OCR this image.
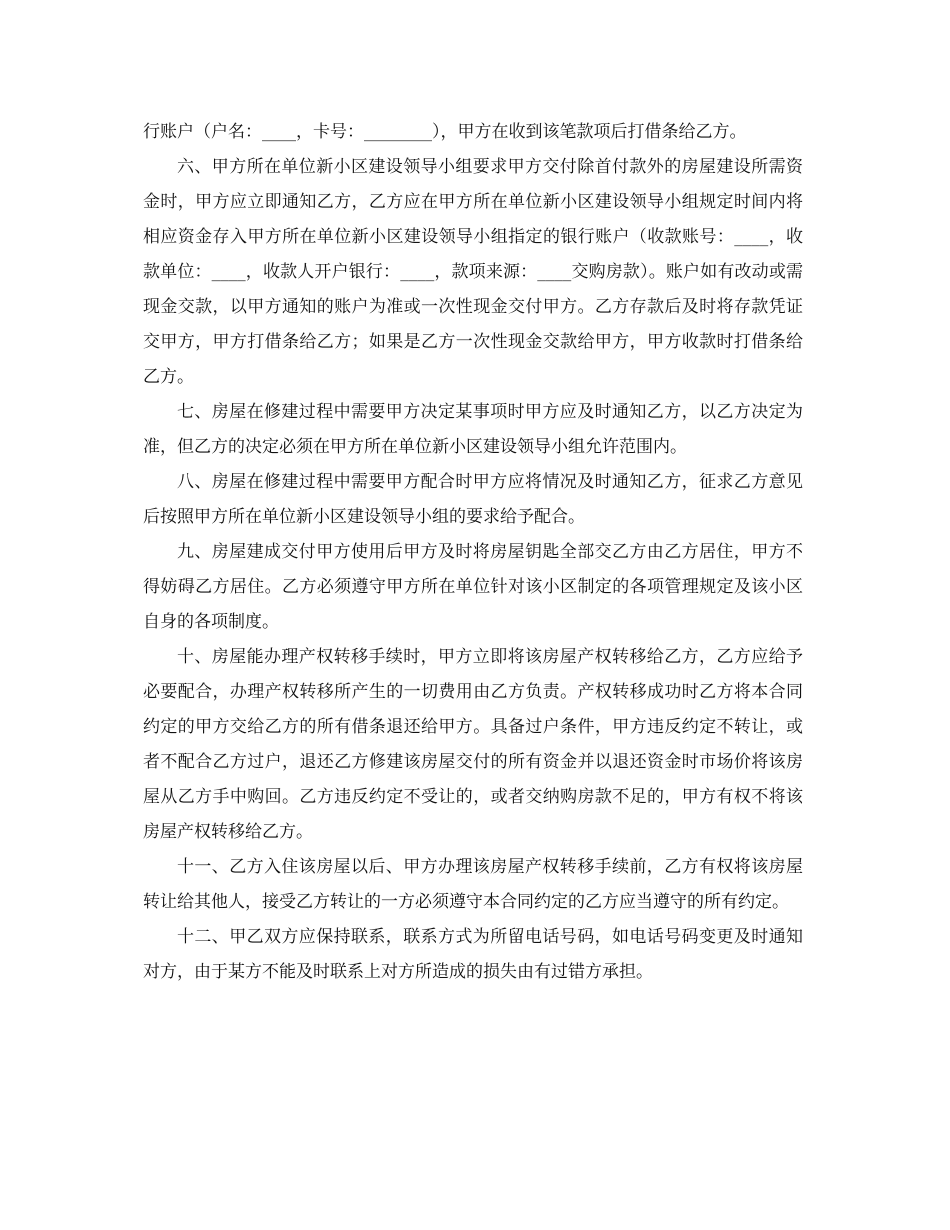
行账户（户名：____，卡号：________），甲方在收到该笔款项后打借条给乙方。

六、甲方所在单位新小区建设领导小组要求甲方交付除首付款外的房屋建设所需资金时，甲方应立即通知乙方，乙方应在甲方所在单位新小区建设领导小组规定时间内将相应资金存入甲方所在单位新小区建设领导小组指定的银行账户（收款账号：____，收款单位：____，收款人开户银行：____，款项来源：____交购房款）。账户如有改动或需现金交款，以甲方通知的账户为准或一次性现金交付甲方。乙方存款后及时将存款凭证交甲方，甲方打借条给乙方；如果是乙方一次性现金交款给甲方，甲方收款时打借条给乙方。

七、房屋在修建过程中需要甲方决定某事项时甲方应及时通知乙方，以乙方决定为准，但乙方的决定必须在甲方所在单位新小区建设领导小组允许范围内。

八、房屋在修建过程中需要甲方配合时甲方应将情况及时通知乙方，征求乙方意见后按照甲方所在单位新小区建设领导小组的要求给予配合。

九、房屋建成交付甲方使用后甲方及时将房屋钥匙全部交乙方由乙方居住，甲方不得妨碍乙方居住。乙方必须遵守甲方所在单位针对该小区制定的各项管理规定及该小区自身的各项制度。

十、房屋能办理产权转移手续时，甲方立即将该房屋产权转移给乙方，乙方应给予必要配合，办理产权转移所产生的一切费用由乙方负责。产权转移成功时乙方将本合同约定的甲方交给乙方的所有借条退还给甲方。具备过户条件，甲方违反约定不转让，或者不配合乙方过户，退还乙方修建该房屋交付的所有资金并以退还资金时市场价将该房屋从乙方手中购回。乙方违反约定不受让的，或者交纳购房款不足的，甲方有权不将该房屋产权转移给乙方。

十一、乙方入住该房屋以后、甲方办理该房屋产权转移手续前，乙方有权将该房屋转让给其他人，接受乙方转让的一方必须遵守本合同约定的乙方应当遵守的所有约定。

十二、甲乙双方应保持联系，联系方式为所留电话号码，如电话号码变更及时通知对方，由于某方不能及时联系上对方所造成的损失由有过错方承担。
